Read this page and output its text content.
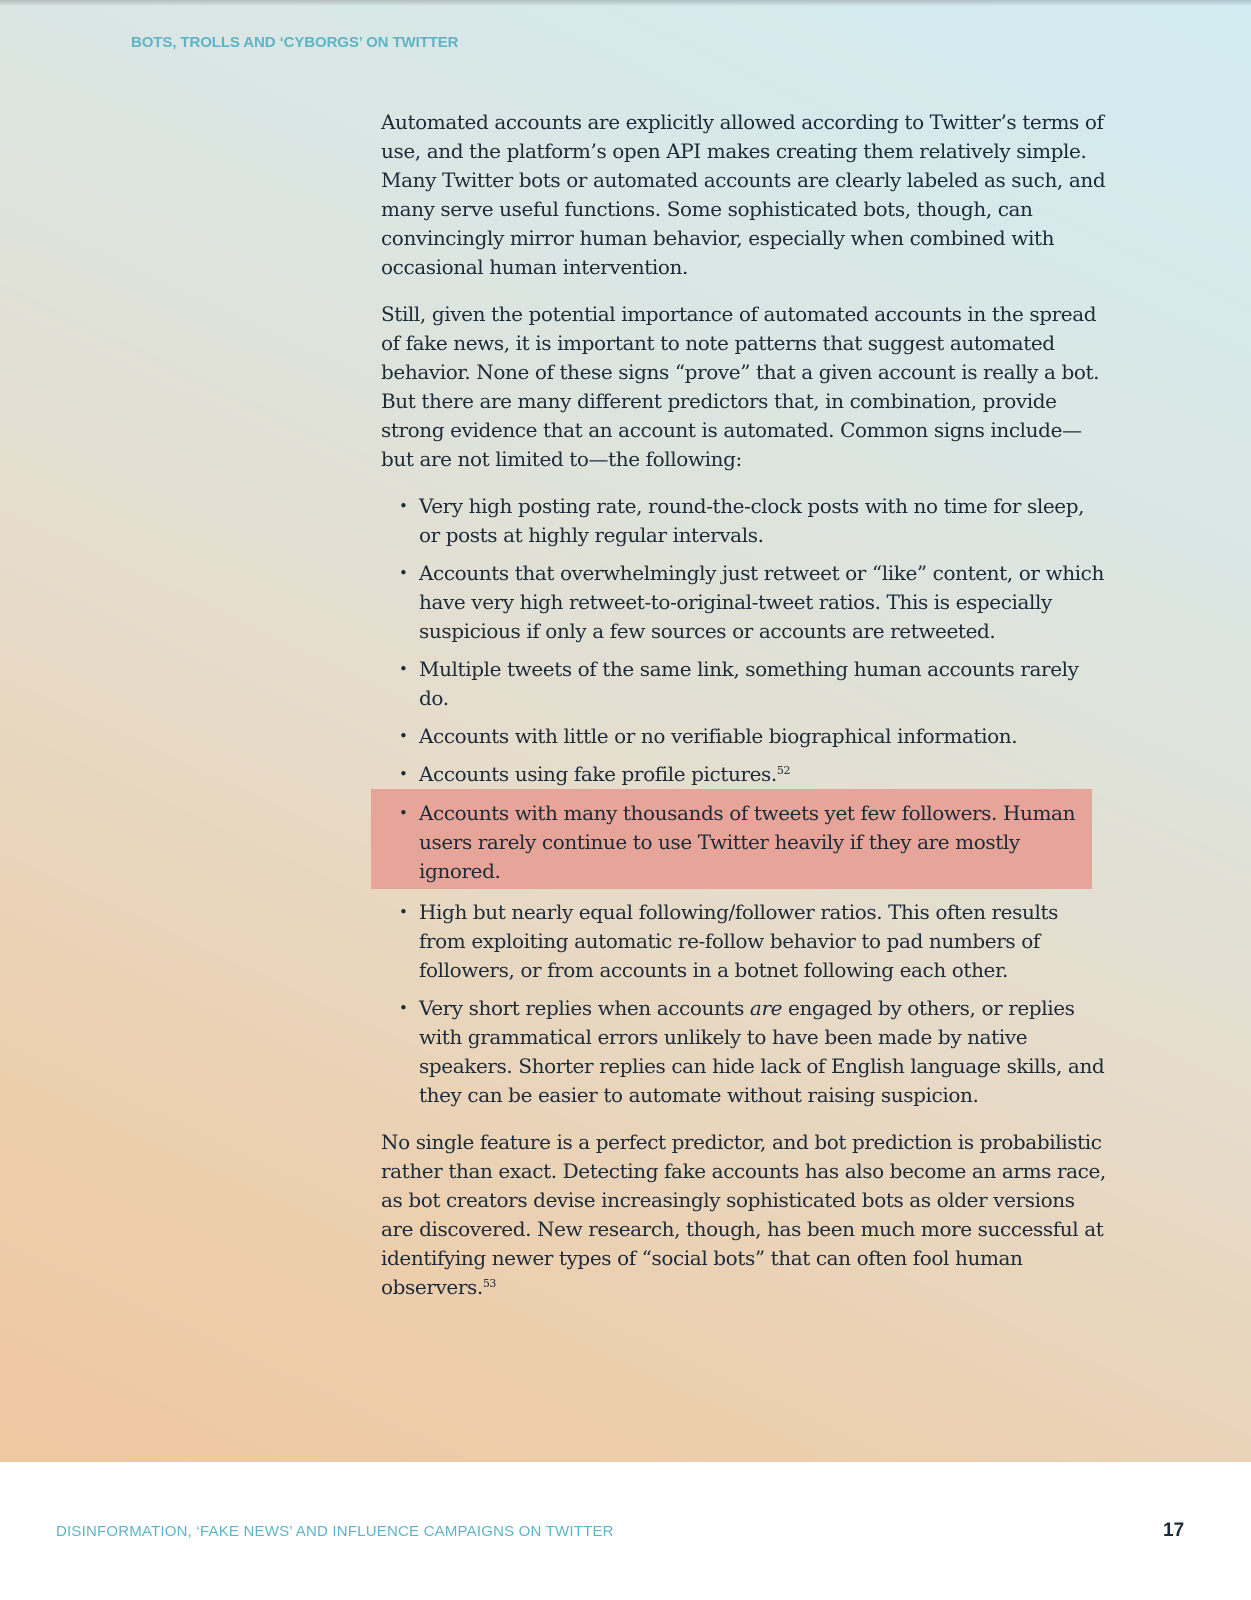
BOTS, TROLLS AND ‘CYBORGS’ ON TWITTER

Automated accounts are explicitly allowed according to Twitter’s terms of use, and the platform’s open API makes creating them relatively simple. Many Twitter bots or automated accounts are clearly labeled as such, and many serve useful functions. Some sophisticated bots, though, can convincingly mirror human behavior, especially when combined with occasional human intervention.

Still, given the potential importance of automated accounts in the spread of fake news, it is important to note patterns that suggest automated behavior. None of these signs “prove” that a given account is really a bot. But there are many different predictors that, in combination, provide strong evidence that an account is automated. Common signs include—but are not limited to—the following:

• Very high posting rate, round-the-clock posts with no time for sleep, or posts at highly regular intervals.
• Accounts that overwhelmingly just retweet or “like” content, or which have very high retweet-to-original-tweet ratios. This is especially suspicious if only a few sources or accounts are retweeted.
• Multiple tweets of the same link, something human accounts rarely do.
• Accounts with little or no verifiable biographical information.
• Accounts using fake profile pictures.$^{52}$
• Accounts with many thousands of tweets yet few followers. Human users rarely continue to use Twitter heavily if they are mostly ignored.
• High but nearly equal following/follower ratios. This often results from exploiting automatic re-follow behavior to pad numbers of followers, or from accounts in a botnet following each other.
• Very short replies when accounts are engaged by others, or replies with grammatical errors unlikely to have been made by native speakers. Shorter replies can hide lack of English language skills, and they can be easier to automate without raising suspicion.

No single feature is a perfect predictor, and bot prediction is probabilistic rather than exact. Detecting fake accounts has also become an arms race, as bot creators devise increasingly sophisticated bots as older versions are discovered. New research, though, has been much more successful at identifying newer types of “social bots” that can often fool human observers.$^{53}$

DISINFORMATION, ‘FAKE NEWS’ AND INFLUENCE CAMPAIGNS ON TWITTER	17
